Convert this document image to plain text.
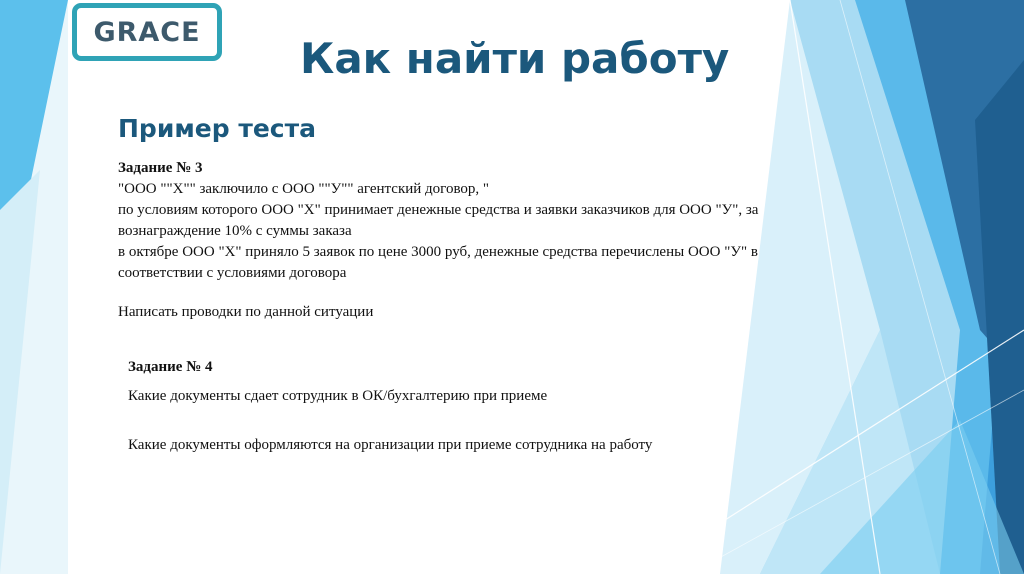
GRACE
Как найти работу
Пример теста
Задание № 3
"ООО ""Х"" заключило с ООО ""У"" агентский договор, "
по условиям которого ООО "Х" принимает денежные средства и заявки заказчиков для ООО "У", за
вознаграждение 10% с суммы заказа
в октябре ООО "Х" приняло 5 заявок по цене 3000 руб, денежные средства перечислены ООО "У" в
соответствии с условиями договора
Написать проводки по данной ситуации
Задание № 4
Какие документы сдает сотрудник в ОК/бухгалтерию при приеме
Какие документы оформляются на организации при приеме сотрудника на работу
